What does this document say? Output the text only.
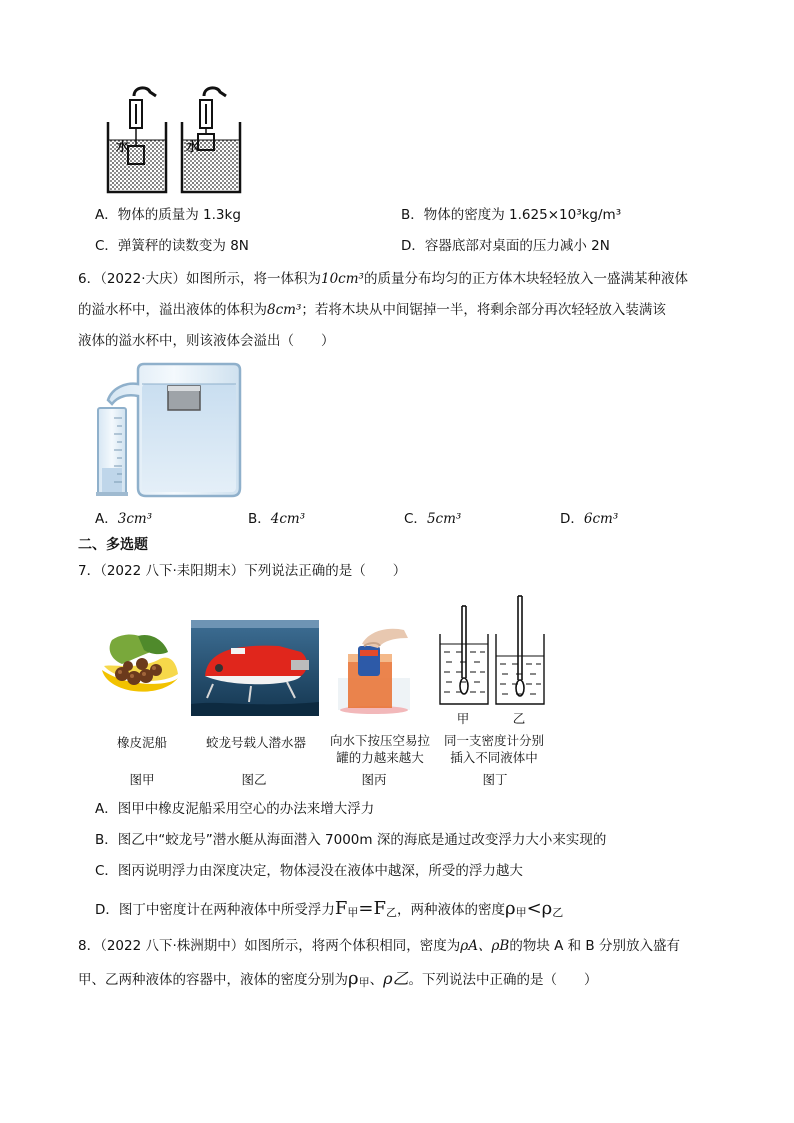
水	水
A．物体的质量为 1.3kg	B．物体的密度为 1.625×10³kg/m³
C．弹簧秤的读数变为 8N	D．容器底部对桌面的压力减小 2N
6．（2022·大庆）如图所示，将一体积为10cm³的质量分布均匀的正方体木块轻轻放入一盛满某种液体
的溢水杯中，溢出液体的体积为8cm³；若将木块从中间锯掉一半，将剩余部分再次轻轻放入装满该
液体的溢水杯中，则该液体会溢出（　　）
A．3cm³	B．4cm³	C．5cm³	D．6cm³
二、多选题
7．（2022 八下·耒阳期末）下列说法正确的是（　　）
甲	乙
橡皮泥船	蛟龙号载人潜水器	向水下按压空易拉
罐的力越来越大
同一支密度计分别
插入不同液体中
图甲	图乙	图丙	图丁
A．图甲中橡皮泥船采用空心的办法来增大浮力
B．图乙中“蛟龙号”潜水艇从海面潜入 7000m 深的海底是通过改变浮力大小来实现的
C．图丙说明浮力由深度决定，物体浸没在液体中越深，所受的浮力越大
D．图丁中密度计在两种液体中所受浮力F甲=F乙，两种液体的密度ρ甲<ρ乙
8．（2022 八下·株洲期中）如图所示，将两个体积相同，密度为ρA、ρB的物块 A 和 B 分别放入盛有
甲、乙两种液体的容器中，液体的密度分别为ρ甲、ρ乙。下列说法中正确的是（　　）
